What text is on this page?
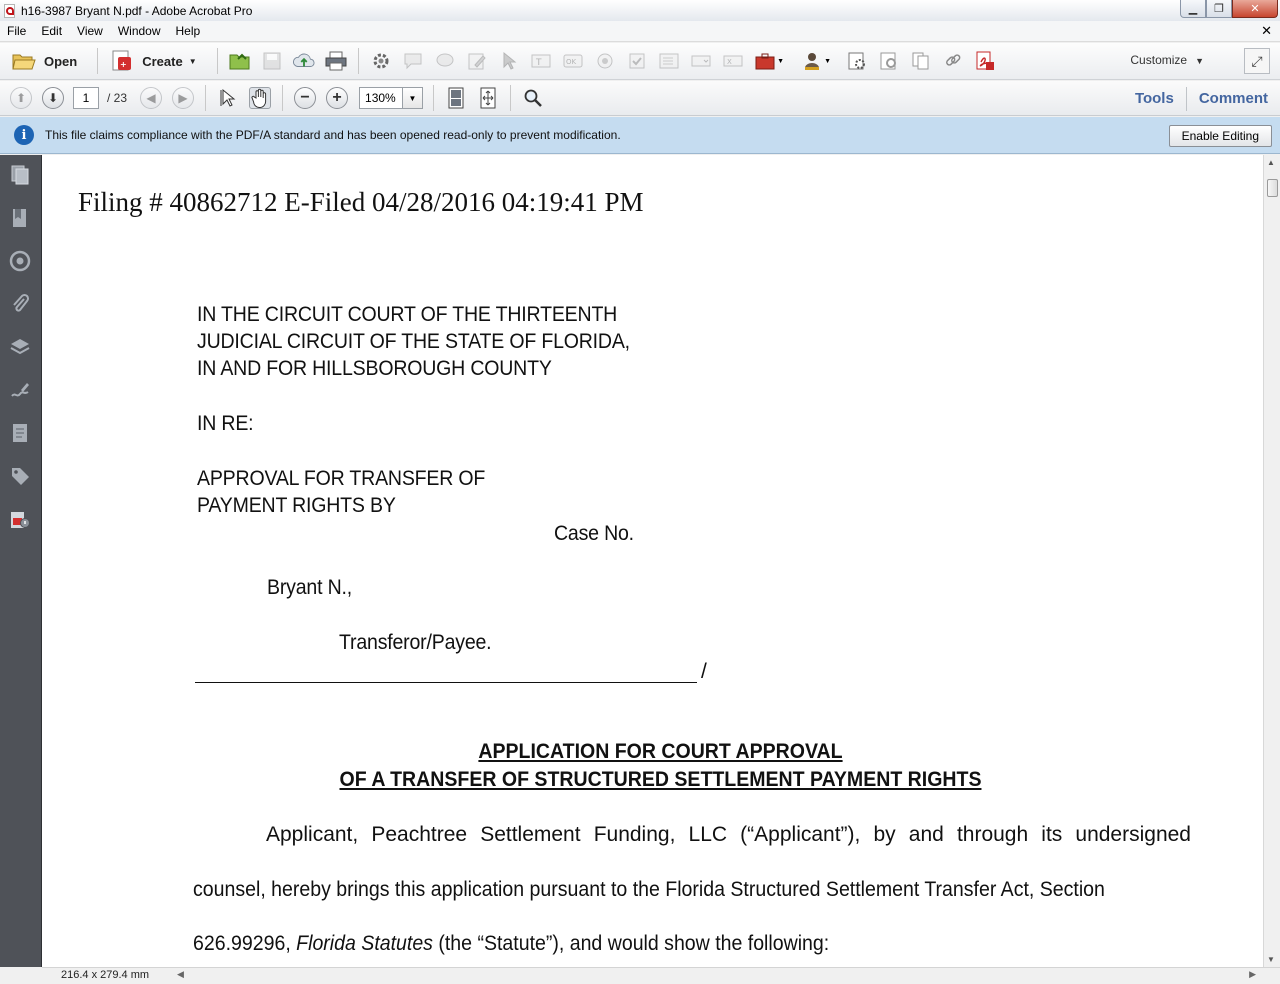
h16-3987 Bryant N.pdf - Adobe Acrobat Pro	▁	❐	✕
File	Edit	View	Window	Help	✕
Open	+ Create ▼	T	OK	X	▼	▼	Customize ▼	⤢
⬆	⬇	1	/ 23	◀	▶	−	+	130%	▼	Tools	Comment
i	This file claims compliance with the PDF/A standard and has been opened read-only to prevent modification.	Enable Editing
Filing # 40862712 E-Filed 04/28/2016 04:19:41 PM
IN THE CIRCUIT COURT OF THE THIRTEENTH
JUDICIAL CIRCUIT OF THE STATE OF FLORIDA,
IN AND FOR HILLSBOROUGH COUNTY
IN RE:
APPROVAL FOR TRANSFER OF
PAYMENT RIGHTS BY
Case No.
Bryant N.,
Transferor/Payee.
/
APPLICATION FOR COURT APPROVAL
OF A TRANSFER OF STRUCTURED SETTLEMENT PAYMENT RIGHTS
Applicant, Peachtree Settlement Funding, LLC (“Applicant”), by and through its undersigned
counsel, hereby brings this application pursuant to the Florida Structured Settlement Transfer Act, Section
626.99296, Florida Statutes (the “Statute”), and would show the following:
▲
▼
216.4 x 279.4 mm	◀	▶
